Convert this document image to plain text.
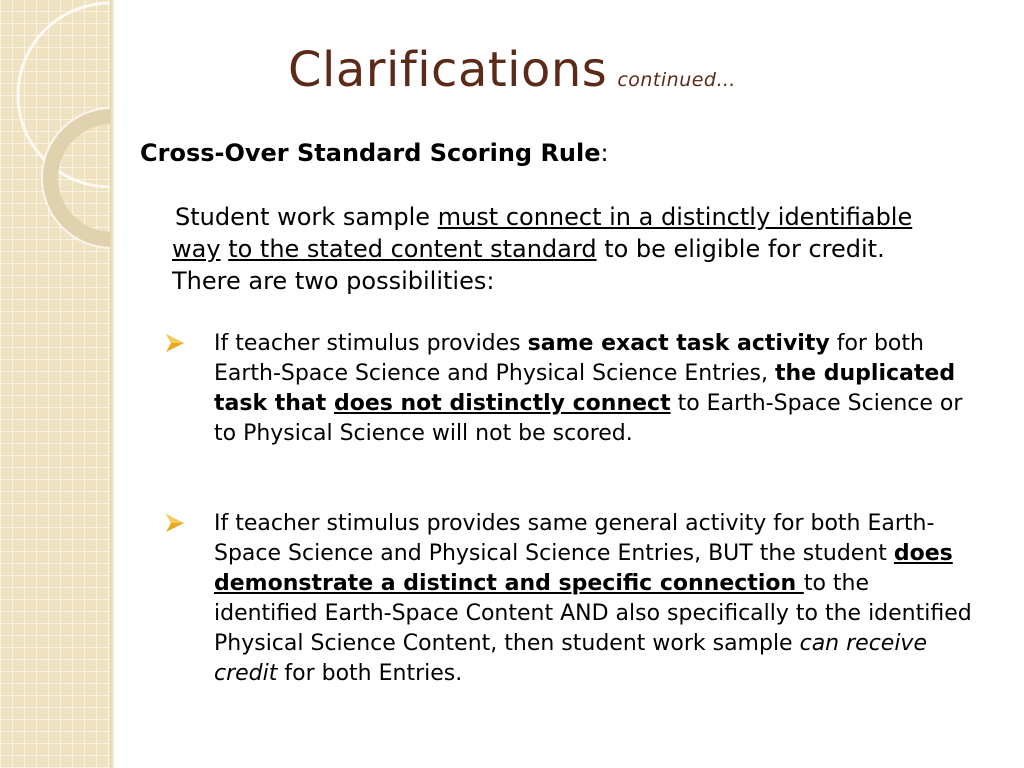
Clarifications continued…
Cross-Over Standard Scoring Rule:
Student work sample must connect in a distinctly identifiable way to the stated content standard to be eligible for credit. There are two possibilities:
If teacher stimulus provides same exact task activity for both Earth-Space Science and Physical Science Entries, the duplicated task that does not distinctly connect to Earth-Space Science or to Physical Science will not be scored.
If teacher stimulus provides same general activity for both Earth-Space Science and Physical Science Entries, BUT the student does demonstrate a distinct and specific connection to the identified Earth-Space Content AND also specifically to the identified Physical Science Content, then student work sample can receive credit for both Entries.
